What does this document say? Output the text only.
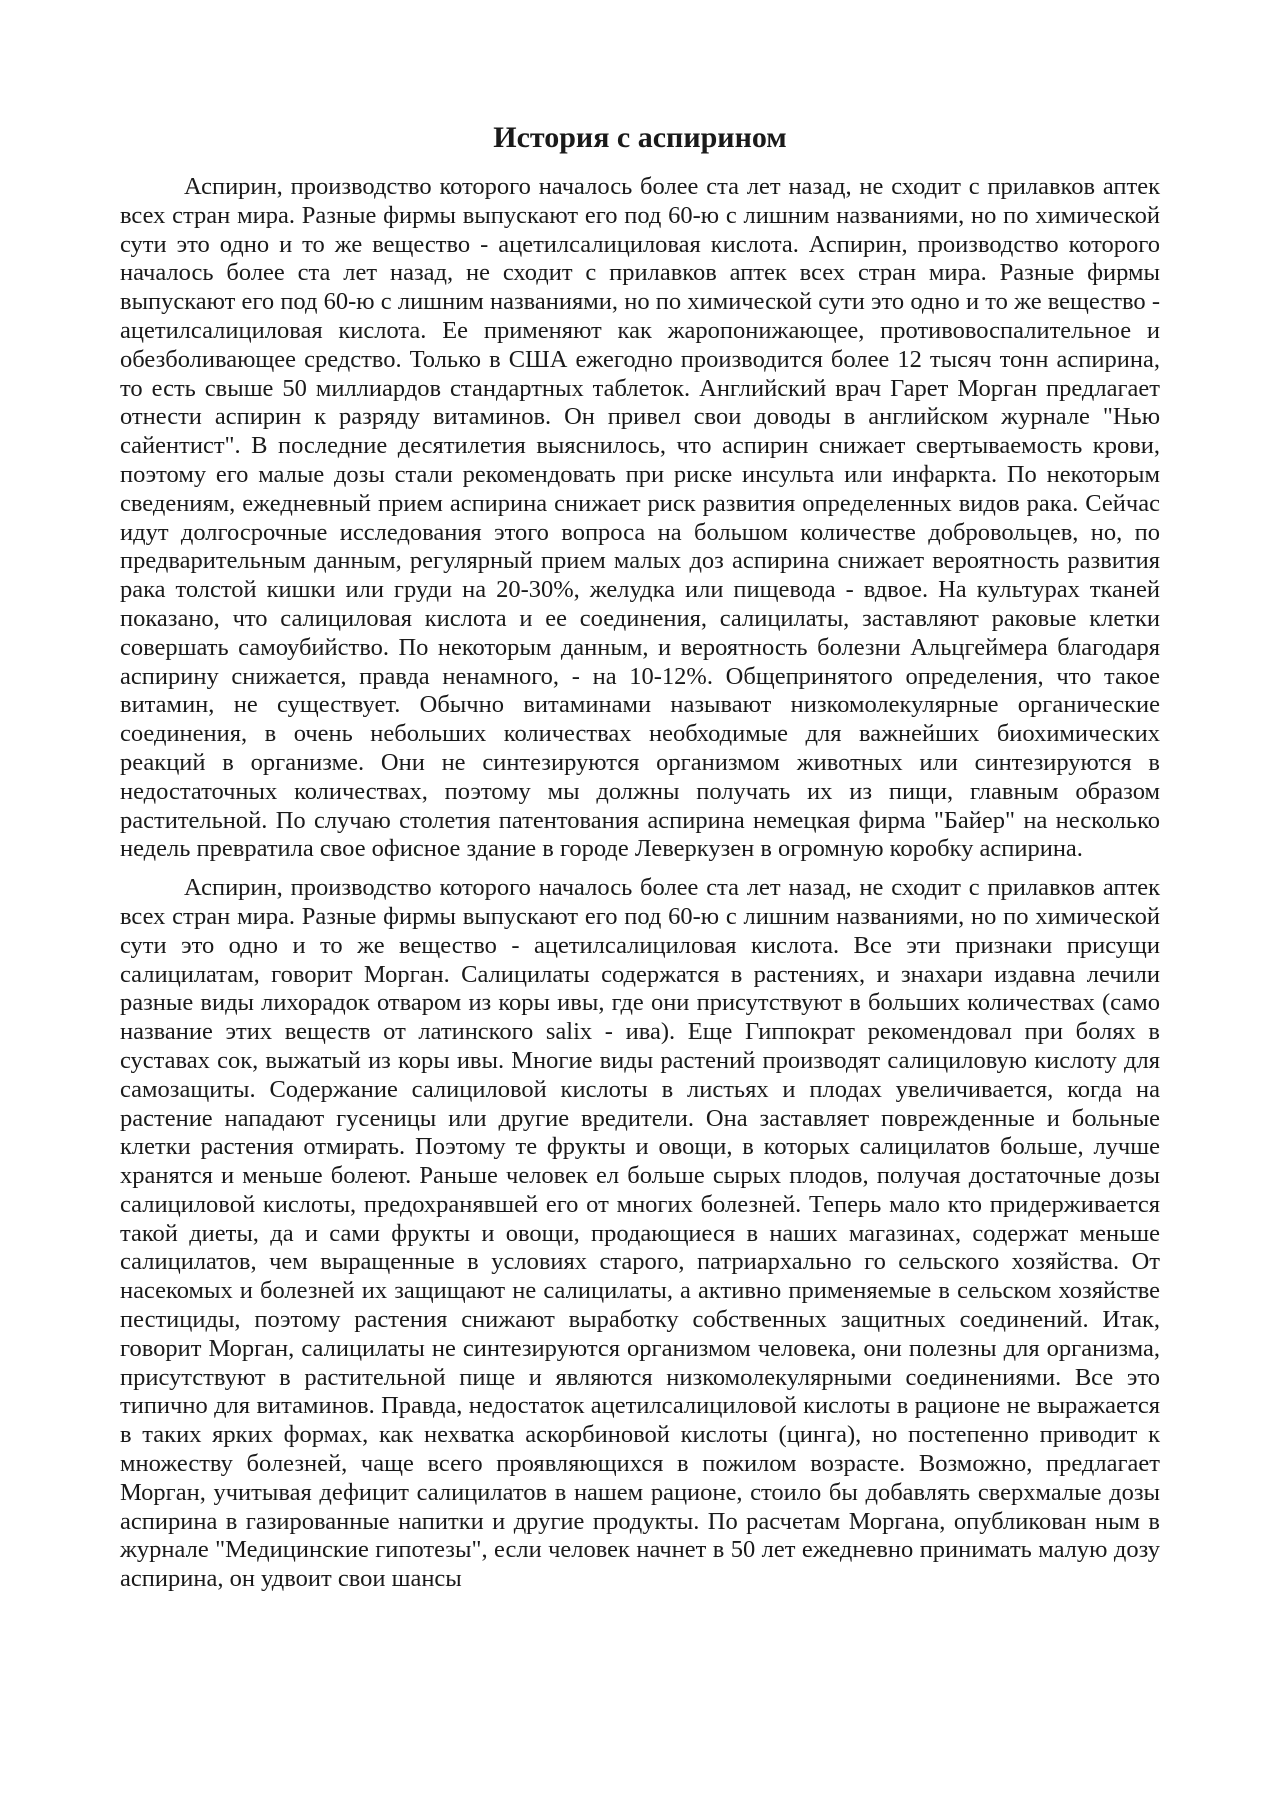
История с аспирином

Аспирин, производство которого началось более ста лет назад, не сходит с прилавков аптек всех стран мира. Разные фирмы выпускают его под 60-ю с лишним названиями, но по химической сути это одно и то же вещество - ацетилсалициловая кислота. Аспирин, производство которого началось более ста лет назад, не сходит с прилавков аптек всех стран мира. Разные фирмы выпускают его под 60-ю с лишним названиями, но по химической сути это одно и то же вещество - ацетилсалициловая кислота. Ее применяют как жаропонижающее, противовоспалительное и обезболивающее средство. Только в США ежегодно производится более 12 тысяч тонн аспирина, то есть свыше 50 миллиардов стандартных таблеток. Английский врач Гарет Морган предлагает отнести аспирин к разряду витаминов. Он привел свои доводы в английском журнале "Нью сайентист". В последние десятилетия выяснилось, что аспирин снижает свертываемость крови, поэтому его малые дозы стали рекомендовать при риске инсульта или инфаркта. По некоторым сведениям, ежедневный прием аспирина снижает риск развития определенных видов рака. Сейчас идут долгосрочные исследования этого вопроса на большом количестве добровольцев, но, по предварительным данным, регулярный прием малых доз аспирина снижает вероятность развития рака толстой кишки или груди на 20-30%, желудка или пищевода - вдвое. На культурах тканей показано, что салициловая кислота и ее соединения, салицилаты, заставляют раковые клетки совершать самоубийство. По некоторым данным, и вероятность болезни Альцгеймера благодаря аспирину снижается, правда ненамного, - на 10-12%. Общепринятого определения, что такое витамин, не существует. Обычно витаминами называют низкомолекулярные органические соединения, в очень небольших количествах необходимые для важнейших биохимических реакций в организме. Они не синтезируются организмом животных или синтезируются в недостаточных количествах, поэтому мы должны получать их из пищи, главным образом растительной. По случаю столетия патентования аспирина немецкая фирма "Байер" на несколько недель превратила свое офисное здание в городе Леверкузен в огромную коробку аспирина.

Аспирин, производство которого началось более ста лет назад, не сходит с прилавков аптек всех стран мира. Разные фирмы выпускают его под 60-ю с лишним названиями, но по химической сути это одно и то же вещество - ацетилсалициловая кислота. Все эти признаки присущи салицилатам, говорит Морган. Салицилаты содержатся в растениях, и знахари издавна лечили разные виды лихорадок отваром из коры ивы, где они присутствуют в больших количествах (само название этих веществ от латинского salix - ива). Еще Гиппократ рекомендовал при болях в суставах сок, выжатый из коры ивы. Многие виды растений производят салициловую кислоту для самозащиты. Содержание салициловой кислоты в листьях и плодах увеличивается, когда на растение нападают гусеницы или другие вредители. Она заставляет поврежденные и больные клетки растения отмирать. Поэтому те фрукты и овощи, в которых салицилатов больше, лучше хранятся и меньше болеют. Раньше человек ел больше сырых плодов, получая достаточные дозы салициловой кислоты, предохранявшей его от многих болезней. Теперь мало кто придерживается такой диеты, да и сами фрукты и овощи, продающиеся в наших магазинах, содержат меньше салицилатов, чем выращенные в условиях старого, патриархально го сельского хозяйства. От насекомых и болезней их защищают не салицилаты, а активно применяемые в сельском хозяйстве пестициды, поэтому растения снижают выработку собственных защитных соединений. Итак, говорит Морган, салицилаты не синтезируются организмом человека, они полезны для организма, присутствуют в растительной пище и являются низкомолекулярными соединениями. Все это типично для витаминов. Правда, недостаток ацетилсалициловой кислоты в рационе не выражается в таких ярких формах, как нехватка аскорбиновой кислоты (цинга), но постепенно приводит к множеству болезней, чаще всего проявляющихся в пожилом возрасте. Возможно, предлагает Морган, учитывая дефицит салицилатов в нашем рационе, стоило бы добавлять сверхмалые дозы аспирина в газированные напитки и другие продукты. По расчетам Моргана, опубликован ным в журнале "Медицинские гипотезы", если человек начнет в 50 лет ежедневно принимать малую дозу аспирина, он удвоит свои шансы
